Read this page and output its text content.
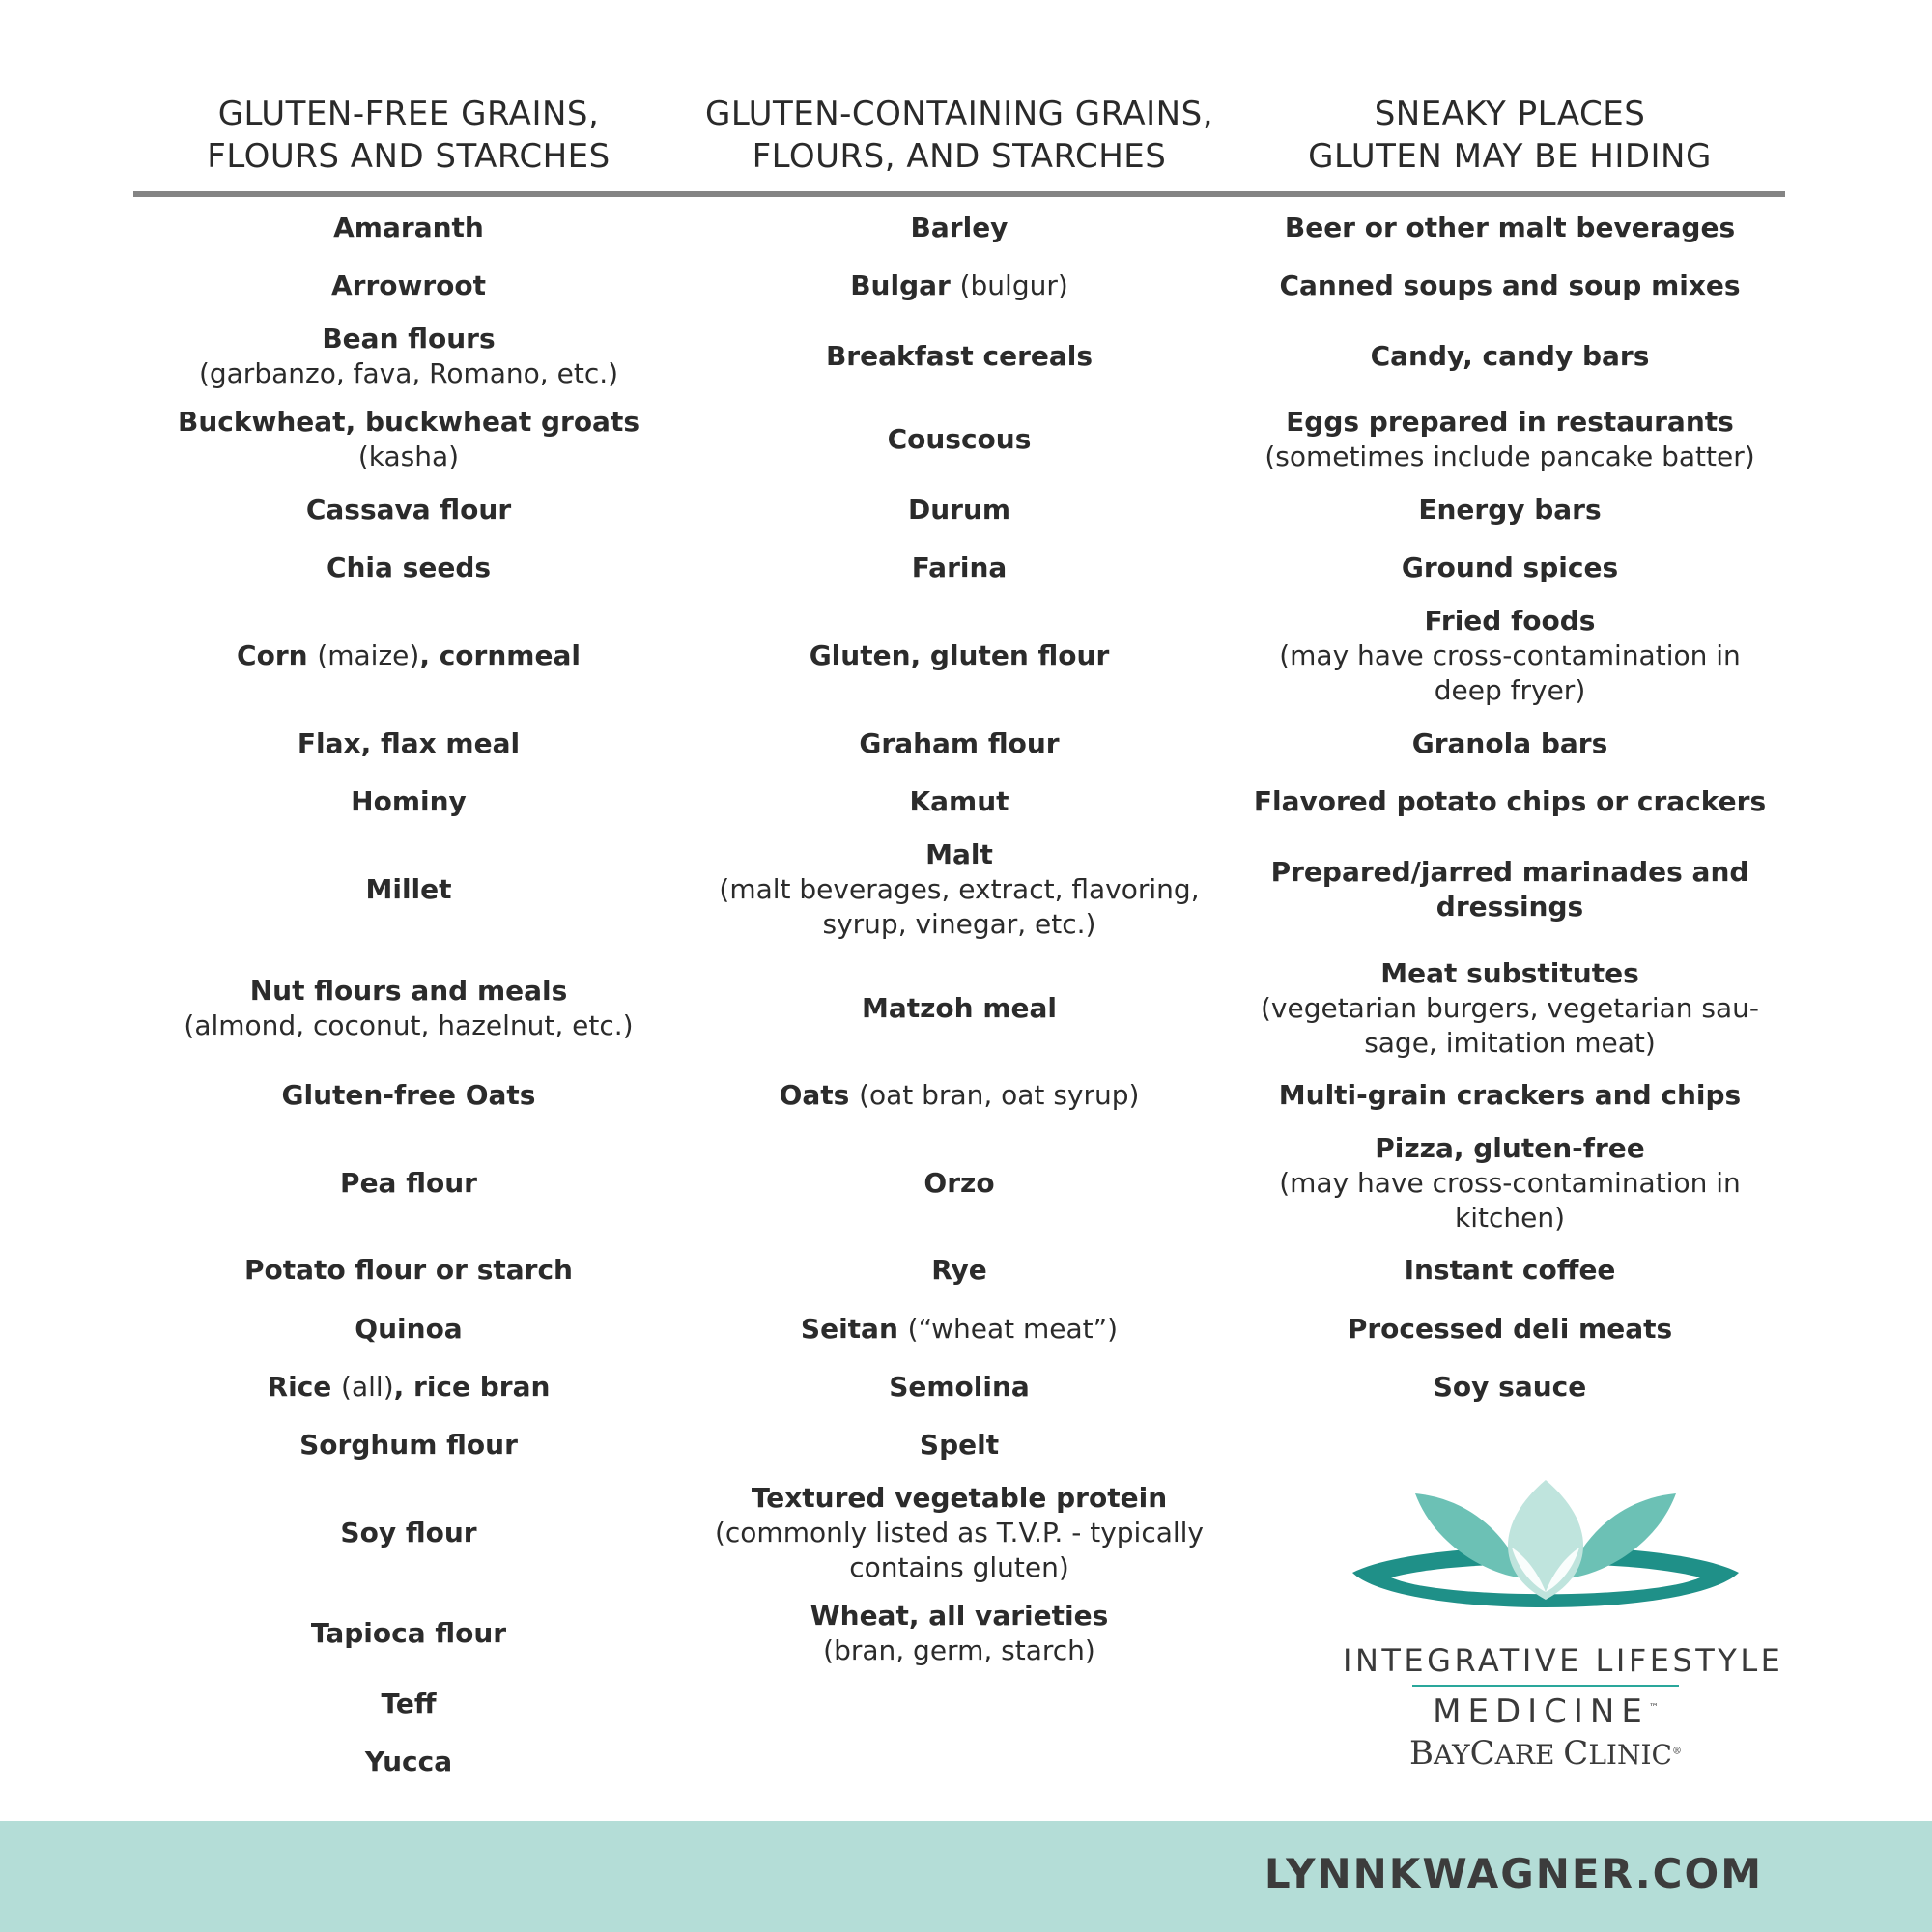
GLUTEN-FREE GRAINS,
FLOURS AND STARCHES
GLUTEN-CONTAINING GRAINS,
FLOURS, AND STARCHES
SNEAKY PLACES
GLUTEN MAY BE HIDING
Amaranth
Arrowroot
Bean flours
(garbanzo, fava, Romano, etc.)
Buckwheat, buckwheat groats
(kasha)
Cassava flour
Chia seeds
Corn (maize), cornmeal
Flax, flax meal
Hominy
Millet
Nut flours and meals
(almond, coconut, hazelnut, etc.)
Gluten-free Oats
Pea flour
Potato flour or starch
Quinoa
Rice (all), rice bran
Sorghum flour
Soy flour
Tapioca flour
Teff
Yucca
Barley
Bulgar (bulgur)
Breakfast cereals
Couscous
Durum
Farina
Gluten, gluten flour
Graham flour
Kamut
Malt
(malt beverages, extract, flavoring,
syrup, vinegar, etc.)
Matzoh meal
Oats (oat bran, oat syrup)
Orzo
Rye
Seitan (“wheat meat”)
Semolina
Spelt
Textured vegetable protein
(commonly listed as T.V.P. - typically
contains gluten)
Wheat, all varieties
(bran, germ, starch)
Beer or other malt beverages
Canned soups and soup mixes
Candy, candy bars
Eggs prepared in restaurants
(sometimes include pancake batter)
Energy bars
Ground spices
Fried foods
(may have cross-contamination in
deep fryer)
Granola bars
Flavored potato chips or crackers
Prepared/jarred marinades and
dressings
Meat substitutes
(vegetarian burgers, vegetarian sau-
sage, imitation meat)
Multi-grain crackers and chips
Pizza, gluten-free
(may have cross-contamination in
kitchen)
Instant coffee
Processed deli meats
Soy sauce
INTEGRATIVE LIFESTYLE
MEDICINE™
BAYCARE CLINIC®
LYNNKWAGNER.COM
